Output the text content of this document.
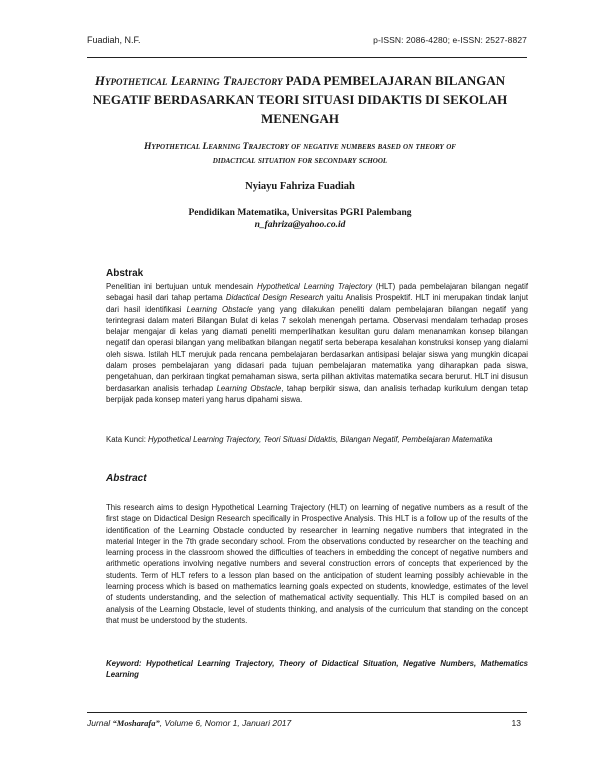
Fuadiah, N.F.	p-ISSN: 2086-4280; e-ISSN: 2527-8827
Hypothetical Learning Trajectory PADA PEMBELAJARAN BILANGAN
NEGATIF BERDASARKAN TEORI SITUASI DIDAKTIS DI SEKOLAH MENENGAH
Hypothetical Learning Trajectory of negative numbers based on theory of
didactical situation for secondary school
Nyiayu Fahriza Fuadiah
Pendidikan Matematika, Universitas PGRI Palembang
n_fahriza@yahoo.co.id
Abstrak
Penelitian ini bertujuan untuk mendesain Hypothetical Learning Trajectory (HLT) pada pembelajaran bilangan negatif sebagai hasil dari tahap pertama Didactical Design Research yaitu Analisis Prospektif. HLT ini merupakan tindak lanjut dari hasil identifikasi Learning Obstacle yang yang dilakukan peneliti dalam pembelajaran bilangan negatif yang terintegrasi dalam materi Bilangan Bulat di kelas 7 sekolah menengah pertama. Observasi mendalam terhadap proses belajar mengajar di kelas yang diamati peneliti memperlihatkan kesulitan guru dalam menanamkan konsep bilangan negatif dan operasi bilangan yang melibatkan bilangan negatif serta beberapa kesalahan konstruksi konsep yang dialami oleh siswa. Istilah HLT merujuk pada rencana pembelajaran berdasarkan antisipasi belajar siswa yang mungkin dicapai dalam proses pembelajaran yang didasari pada tujuan pembelajaran matematika yang diharapkan pada siswa, pengetahuan, dan perkiraan tingkat pemahaman siswa, serta pilihan aktivitas matematika secara berurut. HLT ini disusun berdasarkan analisis terhadap Learning Obstacle, tahap berpikir siswa, dan analisis terhadap kurikulum dengan tetap berpijak pada konsep materi yang harus dipahami siswa.
Kata Kunci: Hypothetical Learning Trajectory, Teori Situasi Didaktis, Bilangan Negatif, Pembelajaran Matematika
Abstract
This research aims to design Hypothetical Learning Trajectory (HLT) on learning of negative numbers as a result of the first stage on Didactical Design Research specifically in Prospective Analysis. This HLT is a follow up of the results of the identification of the Learning Obstacle conducted by researcher in learning negative numbers that integrated in the material Integer in the 7th grade secondary school. From the observations conducted by researcher on the teaching and learning process in the classroom showed the difficulties of teachers in embedding the concept of negative numbers and arithmetic operations involving negative numbers and several construction errors of concepts that experienced by the students. Term of HLT refers to a lesson plan based on the anticipation of student learning possibly achievable in the learning process which is based on mathematics learning goals expected on students, knowledge, estimates of the level of students understanding, and the selection of mathematical activity sequentially. This HLT is compiled based on an analysis of the Learning Obstacle, level of students thinking, and analysis of the curriculum that standing on the concept that must be understood by the students.
Keyword: Hypothetical Learning Trajectory, Theory of Didactical Situation, Negative Numbers, Mathematics Learning
Jurnal “Mosharafa”, Volume 6, Nomor 1, Januari 2017	13
